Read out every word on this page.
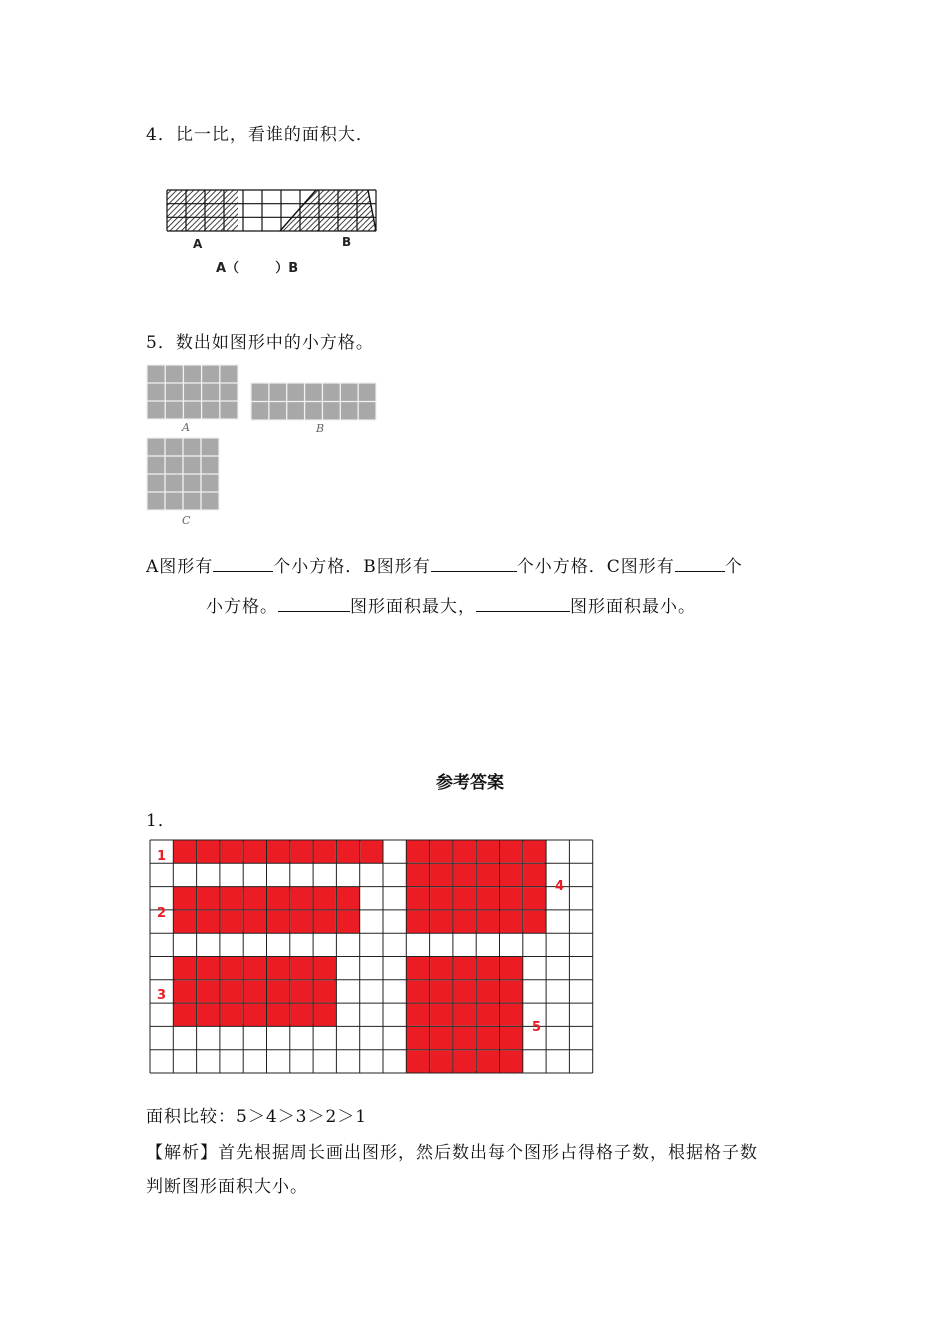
4．比一比，看谁的面积大．
A	B
A（        ）B
5．数出如图形中的小方格。
A	B
C
A图形有	个小方格．B图形有	个小方格．C图形有	个
小方格。	图形面积最大，	图形面积最小。
参考答案
1．
1
2
3
4
5
面积比较：5＞4＞3＞2＞1
【解析】首先根据周长画出图形，然后数出每个图形占得格子数，根据格子数
判断图形面积大小。
